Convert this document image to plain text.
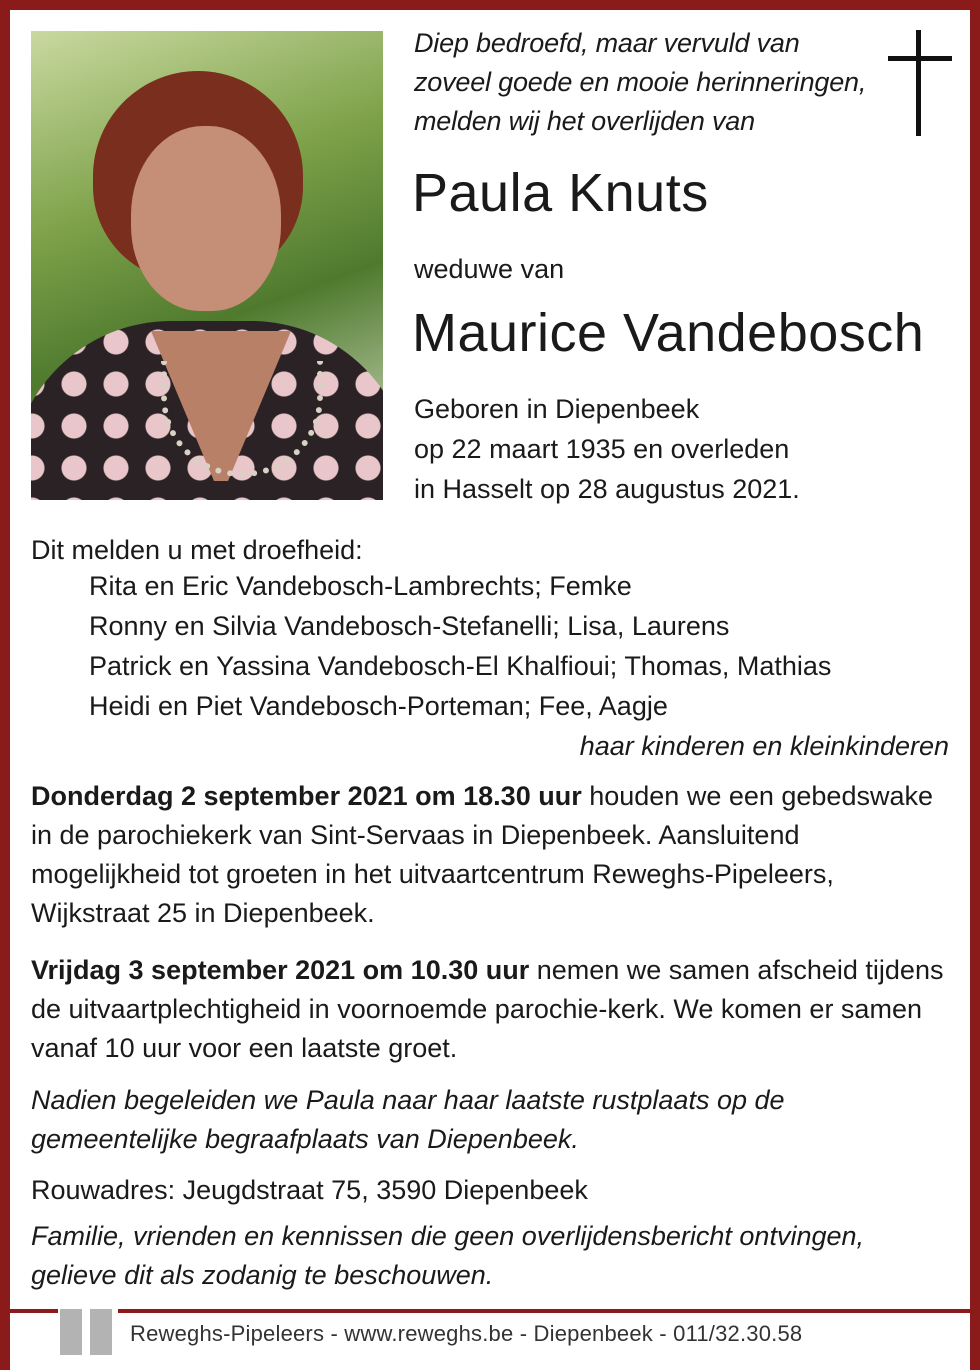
Diep bedroefd, maar vervuld van
zoveel goede en mooie herinneringen,
melden wij het overlijden van
Paula Knuts
weduwe van
Maurice Vandebosch
Geboren in Diepenbeek
op 22 maart 1935 en overleden
in Hasselt op 28 augustus 2021.
Dit melden u met droefheid:
Rita en Eric Vandebosch-Lambrechts; Femke
Ronny en Silvia Vandebosch-Stefanelli; Lisa, Laurens
Patrick en Yassina Vandebosch-El Khalfioui; Thomas, Mathias
Heidi en Piet Vandebosch-Porteman; Fee, Aagje
haar kinderen en kleinkinderen
Donderdag 2 september 2021 om 18.30 uur houden we een gebedswake in de parochiekerk van Sint-Servaas in Diepenbeek. Aansluitend mogelijkheid tot groeten in het uitvaartcentrum Reweghs-Pipeleers, Wijkstraat 25 in Diepenbeek.
Vrijdag 3 september 2021 om 10.30 uur nemen we samen afscheid tijdens de uitvaartplechtigheid in voornoemde parochie-kerk. We komen er samen vanaf 10 uur voor een laatste groet.
Nadien begeleiden we Paula naar haar laatste rustplaats op de gemeentelijke begraafplaats van Diepenbeek.
Rouwadres: Jeugdstraat 75, 3590 Diepenbeek
Familie, vrienden en kennissen die geen overlijdensbericht ontvingen, gelieve dit als zodanig te beschouwen.
Reweghs-Pipeleers - www.reweghs.be - Diepenbeek - 011/32.30.58
